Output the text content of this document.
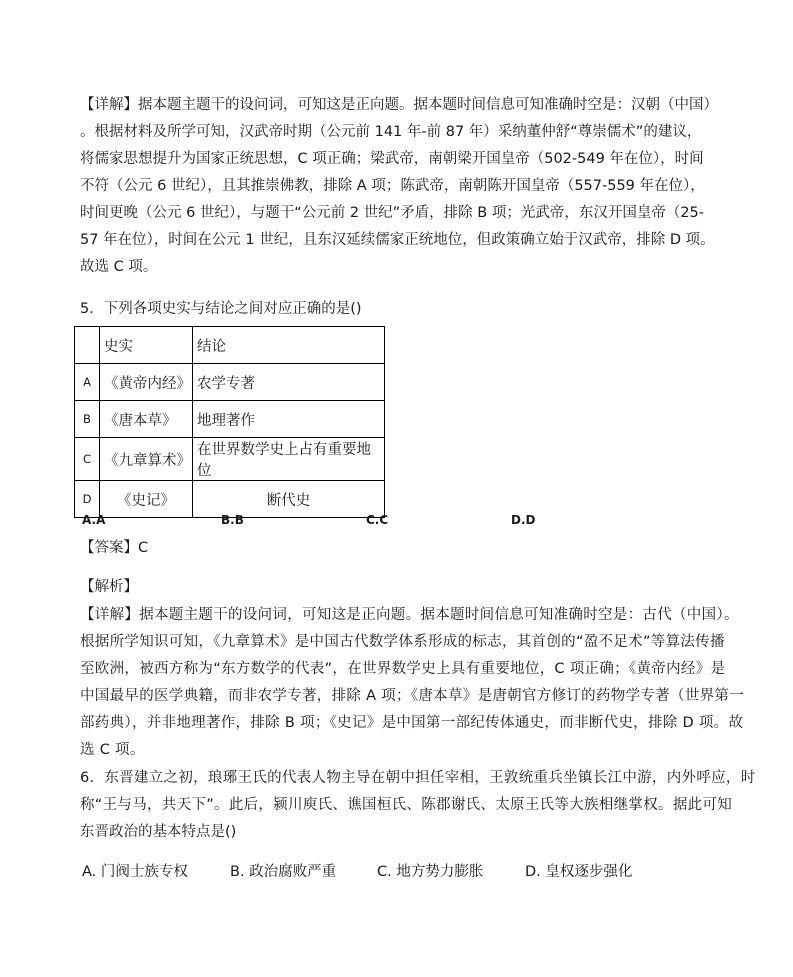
【详解】据本题主题干的设问词，可知这是正向题。据本题时间信息可知准确时空是：汉朝（中国）
。根据材料及所学可知，汉武帝时期（公元前 141 年-前 87 年）采纳董仲舒“尊崇儒术”的建议，
将儒家思想提升为国家正统思想，C 项正确；梁武帝，南朝梁开国皇帝（502-549 年在位），时间
不符（公元 6 世纪），且其推崇佛教，排除 A 项；陈武帝，南朝陈开国皇帝（557-559 年在位），
时间更晚（公元 6 世纪），与题干“公元前 2 世纪”矛盾，排除 B 项；光武帝，东汉开国皇帝（25-
57 年在位），时间在公元 1 世纪，且东汉延续儒家正统地位，但政策确立始于汉武帝，排除 D 项。
故选 C 项。
5．下列各项史实与结论之间对应正确的是()
	史实	结论
A	《黄帝内经》	农学专著
B	《唐本草》	地理著作
C	《九章算术》	在世界数学史上占有重要地位
D	《史记》	断代史
A.A	B.B	C.C	D.D
【答案】C
【解析】
【详解】据本题主题干的设问词，可知这是正向题。据本题时间信息可知准确时空是：古代（中国）。
根据所学知识可知，《九章算术》是中国古代数学体系形成的标志，其首创的“盈不足术”等算法传播
至欧洲，被西方称为“东方数学的代表”，在世界数学史上具有重要地位，C 项正确；《黄帝内经》是
中国最早的医学典籍，而非农学专著，排除 A 项；《唐本草》是唐朝官方修订的药物学专著（世界第一
部药典），并非地理著作，排除 B 项；《史记》是中国第一部纪传体通史，而非断代史，排除 D 项。故
选 C 项。
6．东晋建立之初，琅琊王氏的代表人物主导在朝中担任宰相，王敦统重兵坐镇长江中游，内外呼应，时
称“王与马，共天下”。此后，颍川庾氏、谯国桓氏、陈郡谢氏、太原王氏等大族相继掌权。据此可知
东晋政治的基本特点是()
A. 门阀士族专权	B. 政治腐败严重	C. 地方势力膨胀	D. 皇权逐步强化
